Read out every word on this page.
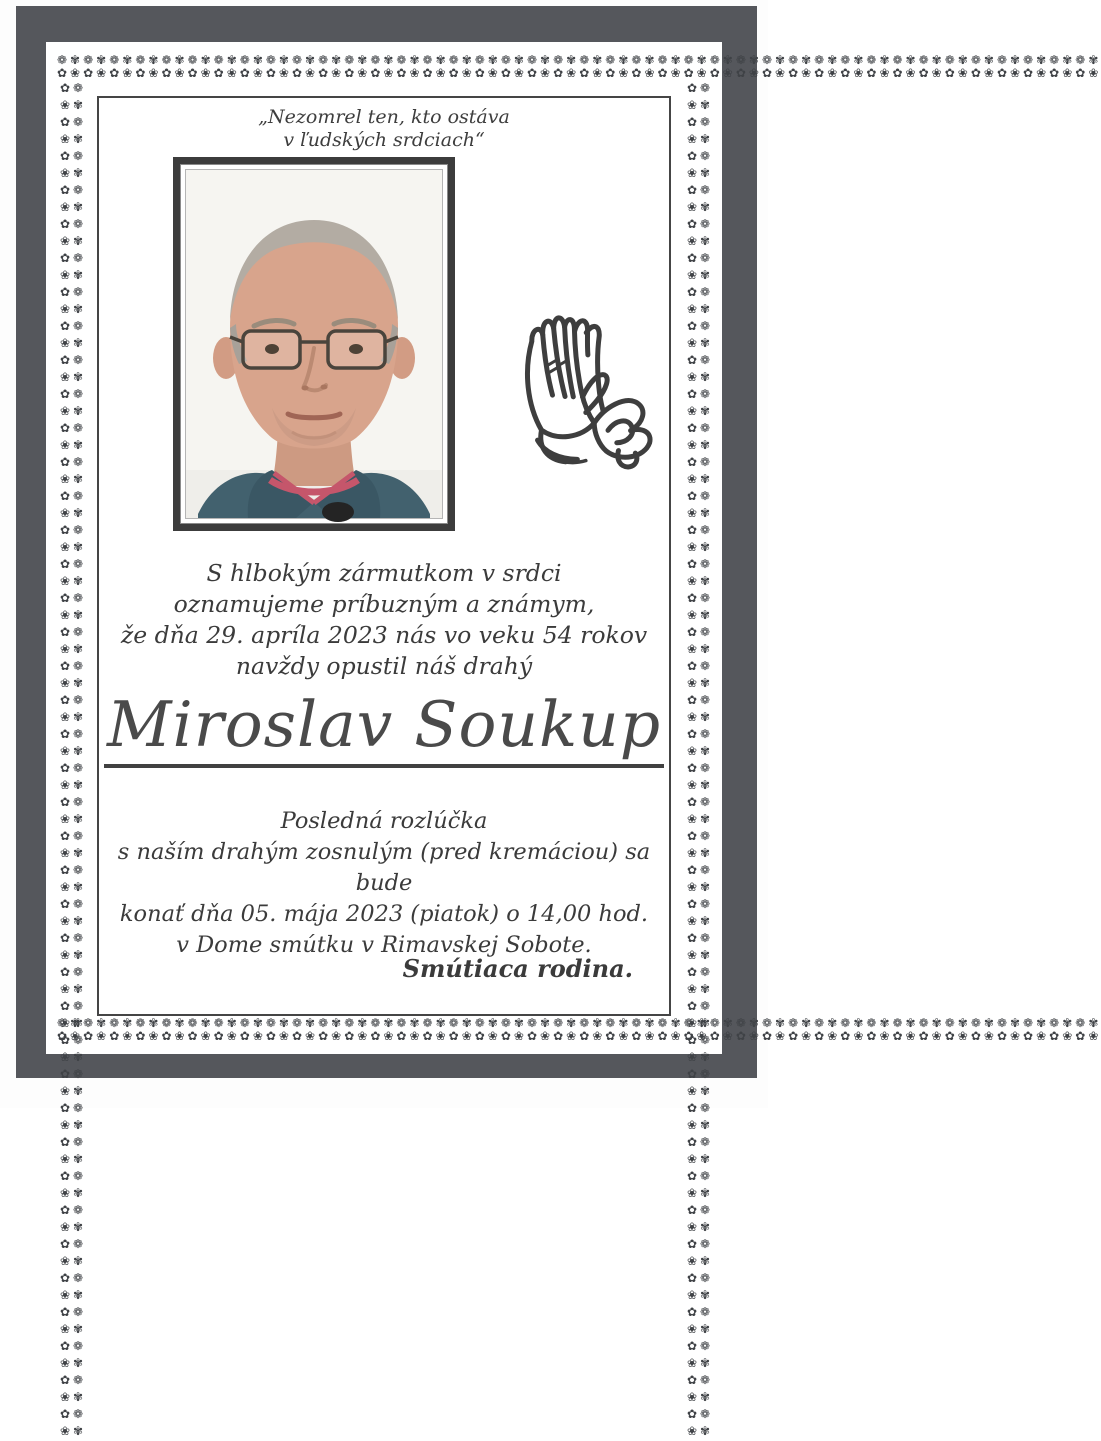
❁✾❁✾❁✾❁✾❁✾❁✾❁✾❁✾❁✾❁✾❁✾❁✾❁✾❁✾❁✾❁✾❁✾❁✾❁✾❁✾❁✾❁✾❁✾❁✾❁✾❁✾❁✾❁✾❁✾❁✾❁✾❁✾❁✾❁✾❁✾❁✾❁✾❁✾❁✾❁✾
✿❀✿❀✿❀✿❀✿❀✿❀✿❀✿❀✿❀✿❀✿❀✿❀✿❀✿❀✿❀✿❀✿❀✿❀✿❀✿❀✿❀✿❀✿❀✿❀✿❀✿❀✿❀✿❀✿❀✿❀✿❀✿❀✿❀✿❀✿❀✿❀✿❀✿❀✿❀✿❀
❁✾❁✾❁✾❁✾❁✾❁✾❁✾❁✾❁✾❁✾❁✾❁✾❁✾❁✾❁✾❁✾❁✾❁✾❁✾❁✾❁✾❁✾❁✾❁✾❁✾❁✾❁✾❁✾❁✾❁✾❁✾❁✾❁✾❁✾❁✾❁✾❁✾❁✾❁✾❁✾
✿❀✿❀✿❀✿❀✿❀✿❀✿❀✿❀✿❀✿❀✿❀✿❀✿❀✿❀✿❀✿❀✿❀✿❀✿❀✿❀✿❀✿❀✿❀✿❀✿❀✿❀✿❀✿❀✿❀✿❀✿❀✿❀✿❀✿❀✿❀✿❀✿❀✿❀✿❀✿❀
❁✾❁✾❁✾❁✾❁✾❁✾❁✾❁✾❁✾❁✾❁✾❁✾❁✾❁✾❁✾❁✾❁✾❁✾❁✾❁✾❁✾❁✾❁✾❁✾❁✾❁✾❁✾❁✾❁✾❁✾❁✾❁✾❁✾❁✾❁✾❁✾❁✾❁✾❁✾❁✾
✿❀✿❀✿❀✿❀✿❀✿❀✿❀✿❀✿❀✿❀✿❀✿❀✿❀✿❀✿❀✿❀✿❀✿❀✿❀✿❀✿❀✿❀✿❀✿❀✿❀✿❀✿❀✿❀✿❀✿❀✿❀✿❀✿❀✿❀✿❀✿❀✿❀✿❀✿❀✿❀	❁✾❁✾❁✾❁✾❁✾❁✾❁✾❁✾❁✾❁✾❁✾❁✾❁✾❁✾❁✾❁✾❁✾❁✾❁✾❁✾❁✾❁✾❁✾❁✾❁✾❁✾❁✾❁✾❁✾❁✾❁✾❁✾❁✾❁✾❁✾❁✾❁✾❁✾❁✾❁✾
✿❀✿❀✿❀✿❀✿❀✿❀✿❀✿❀✿❀✿❀✿❀✿❀✿❀✿❀✿❀✿❀✿❀✿❀✿❀✿❀✿❀✿❀✿❀✿❀✿❀✿❀✿❀✿❀✿❀✿❀✿❀✿❀✿❀✿❀✿❀✿❀✿❀✿❀✿❀✿❀
„Nezomrel ten, kto ostáva
v ľudských srdciach“
S hlbokým zármutkom v srdci
oznamujeme príbuzným a známym,
že dňa 29. apríla 2023 nás vo veku 54 rokov
navždy opustil náš drahý
Miroslav Soukup
Posledná rozlúčka
s naším drahým zosnulým (pred kremáciou) sa bude
konať dňa 05. mája 2023 (piatok) o 14,00 hod.
v Dome smútku v Rimavskej Sobote.
Smútiaca rodina.
